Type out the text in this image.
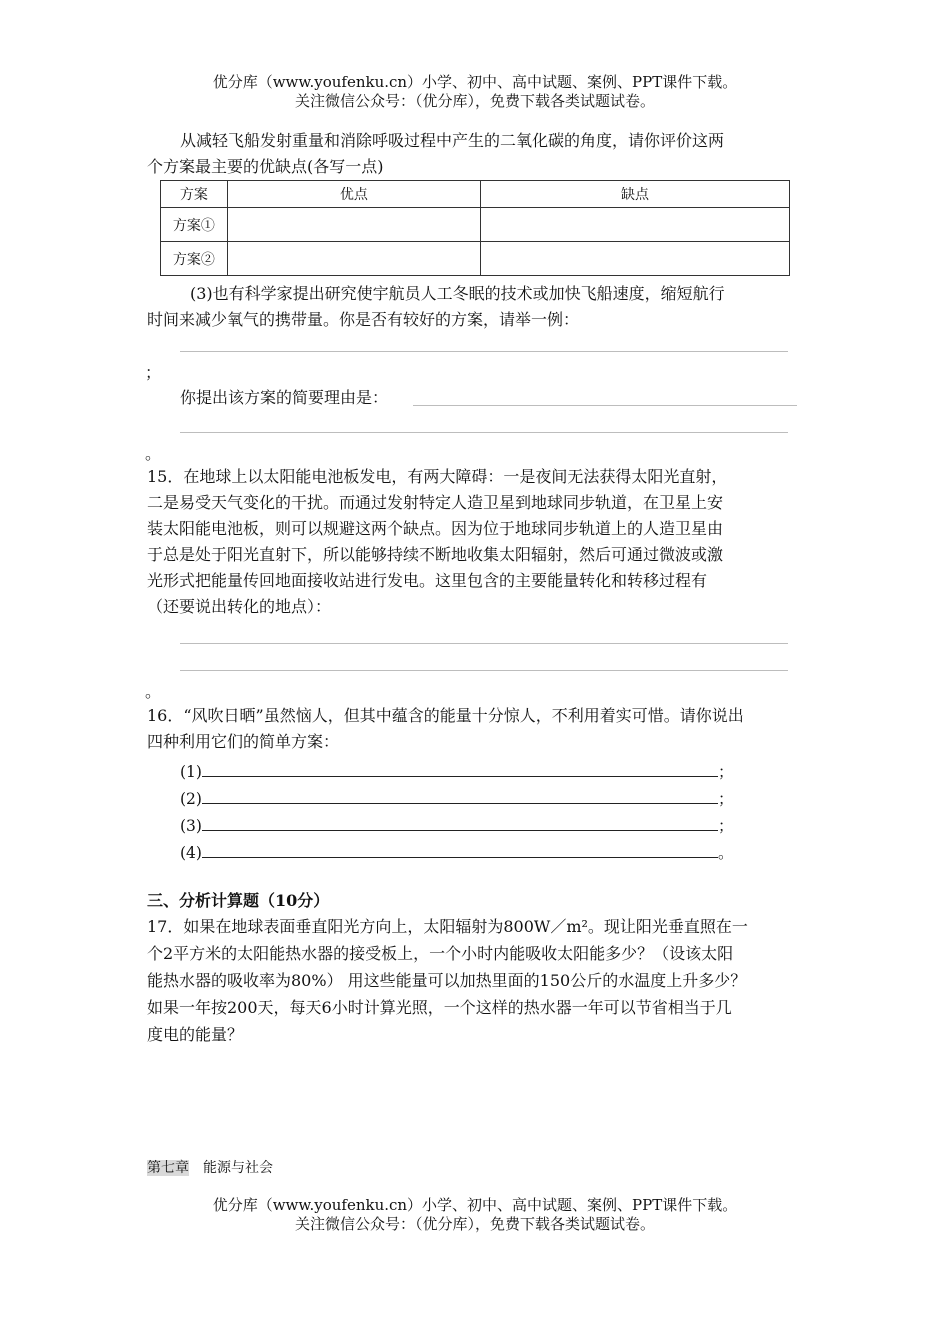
优分库（www.youfenku.cn）小学、初中、高中试题、案例、PPT课件下载。
关注微信公众号：（优分库），免费下载各类试题试卷。
从减轻飞船发射重量和消除呼吸过程中产生的二氧化碳的角度，请你评价这两
个方案最主要的优缺点(各写一点)
方案	优点	缺点
方案①		
方案②		
(3)也有科学家提出研究使宇航员人工冬眠的技术或加快飞船速度，缩短航行
时间来减少氧气的携带量。你是否有较好的方案，请举一例：
；
你提出该方案的简要理由是：
。
15．在地球上以太阳能电池板发电，有两大障碍：一是夜间无法获得太阳光直射，
二是易受天气变化的干扰。而通过发射特定人造卫星到地球同步轨道，在卫星上安
装太阳能电池板，则可以规避这两个缺点。因为位于地球同步轨道上的人造卫星由
于总是处于阳光直射下，所以能够持续不断地收集太阳辐射，然后可通过微波或激
光形式把能量传回地面接收站进行发电。这里包含的主要能量转化和转移过程有
（还要说出转化的地点）：
。
16．“风吹日晒”虽然恼人，但其中蕴含的能量十分惊人，不利用着实可惜。请你说出
四种利用它们的简单方案：
(1)	；
(2)	；
(3)	；
(4)	。
三、分析计算题（10分）
17．如果在地球表面垂直阳光方向上，太阳辐射为800W／m²。现让阳光垂直照在一
个2平方米的太阳能热水器的接受板上，一个小时内能吸收太阳能多少？（设该太阳
能热水器的吸收率为80%） 用这些能量可以加热里面的150公斤的水温度上升多少？
如果一年按200天，每天6小时计算光照，一个这样的热水器一年可以节省相当于几
度电的能量？
第七章 能源与社会
优分库（www.youfenku.cn）小学、初中、高中试题、案例、PPT课件下载。
关注微信公众号：（优分库），免费下载各类试题试卷。
